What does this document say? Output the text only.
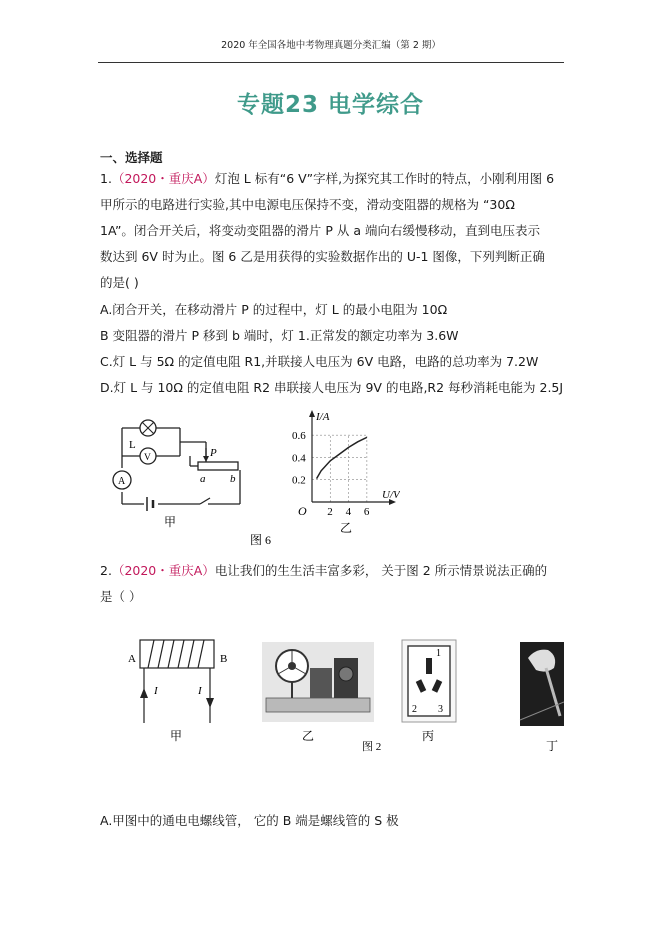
2020 年全国各地中考物理真题分类汇编（第 2 期）
专题23 电学综合
一、选择题
1.（2020・重庆A）灯泡 L 标有“6 V”字样,为探究其工作时的特点，小刚利用图 6
甲所示的电路进行实验,其中电源电压保持不变，滑动变阻器的规格为 “30Ω
1A”。闭合开关后，将变动变阻器的滑片 P 从 a 端向右缓慢移动，直到电压表示
数达到 6V 时为止。图 6 乙是用获得的实验数据作出的 U-1 图像，下列判断正确
的是( )
A.闭合开关，在移动滑片 P 的过程中，灯 L 的最小电阻为 10Ω
B 变阻器的滑片 P 移到 b 端时，灯 1.正常发的额定功率为 3.6W
C.灯 L 与 5Ω 的定值电阻 R1,并联接人电压为 6V 电路，电路的总功率为 7.2W
D.灯 L 与 10Ω 的定值电阻 R2 串联接人电压为 9V 的电路,R2 每秒消耗电能为 2.5J
L
V
A
P
a b
甲
图 6
2 4 6
0.2
0.4
0.6
O
U/V
I/A
乙
2.（2020・重庆A）电让我们的生生活丰富多彩， 关于图 2 所示情景说法正确的
是（ ）
A	B
I	I
甲	乙
图 2
1
2 3
丙
丁
A.甲图中的通电电螺线管， 它的 B 端是螺线管的 S 极
